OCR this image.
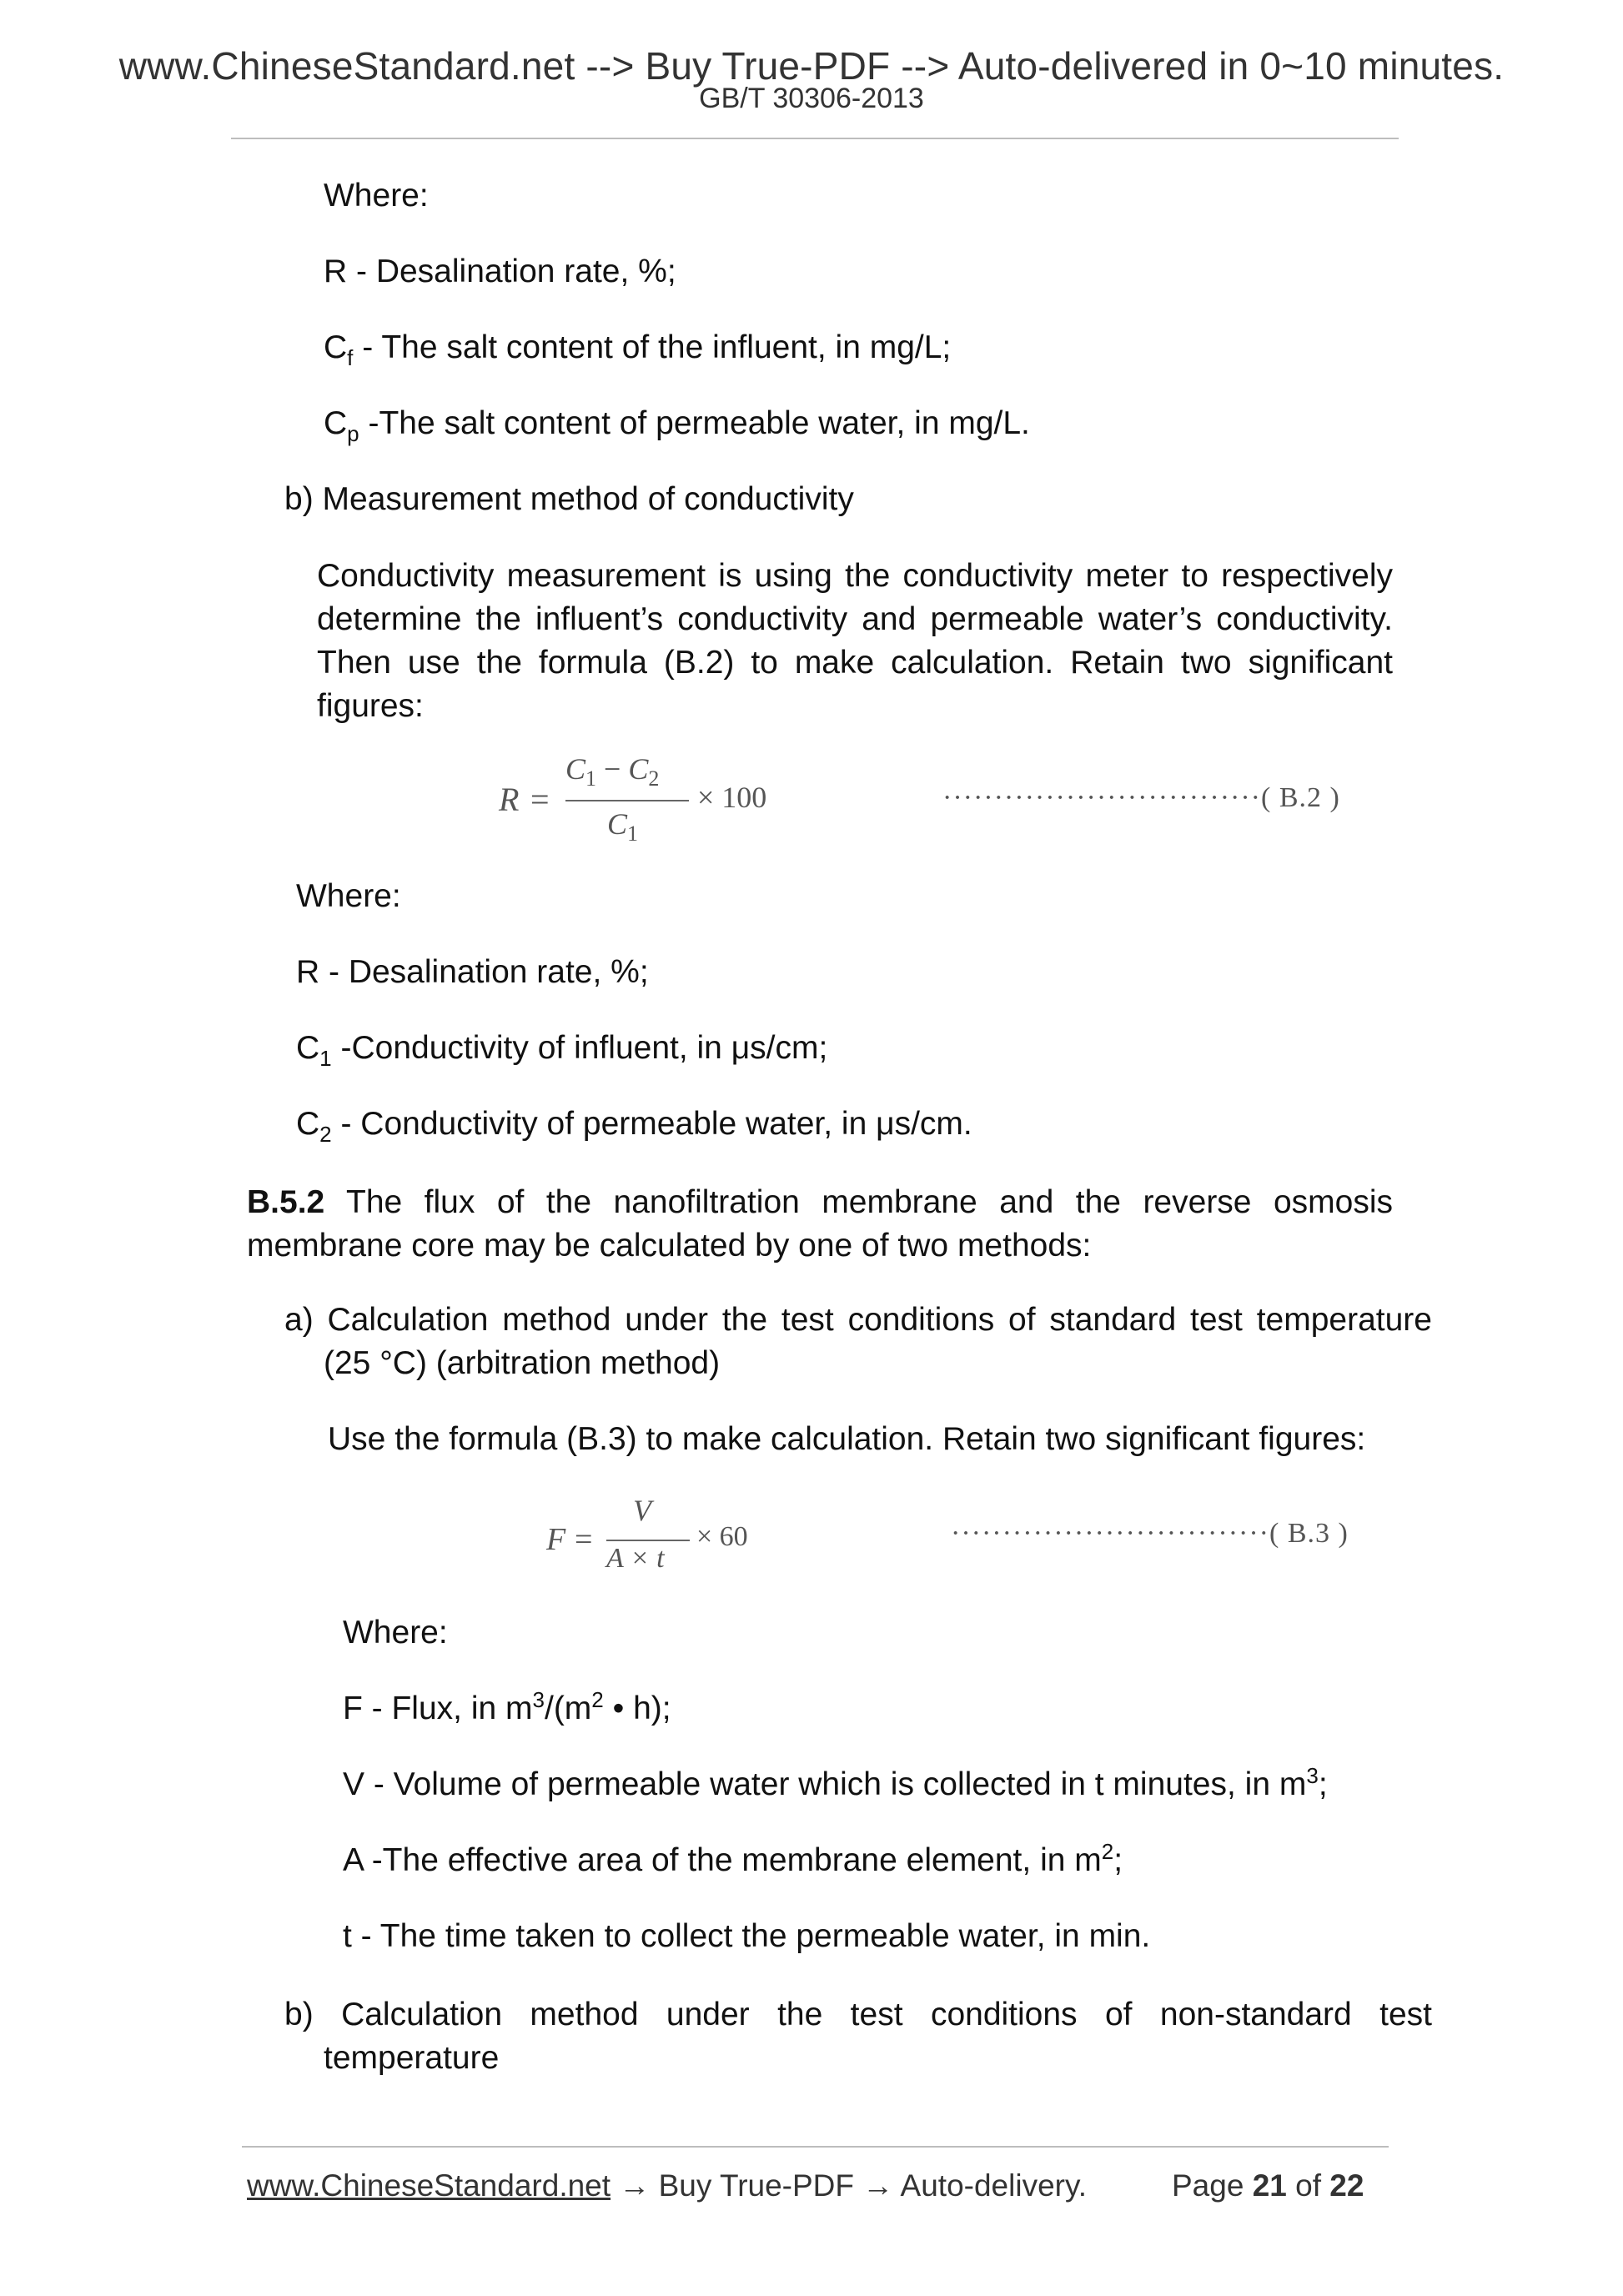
www.ChineseStandard.net --> Buy True-PDF --> Auto-delivered in 0~10 minutes.
GB/T 30306-2013
Where:
R - Desalination rate, %;
$C_f$ - The salt content of the influent, in mg/L;
$C_p$ -The salt content of permeable water, in mg/L.
b) Measurement method of conductivity
Conductivity measurement is using the conductivity meter to respectively determine the influent’s conductivity and permeable water’s conductivity. Then use the formula (B.2) to make calculation. Retain two significant figures:
R =
$C_1 - C_2$
$C_1$
× 100	·······························( B.2 )
Where:
R - Desalination rate, %;
$C_1$ -Conductivity of influent, in μs/cm;
$C_2$ - Conductivity of permeable water, in μs/cm.
B.5.2 The flux of the nanofiltration membrane and the reverse osmosis membrane core may be calculated by one of two methods:
a) Calculation method under the test conditions of standard test temperature (25 °C) (arbitration method)
Use the formula (B.3) to make calculation. Retain two significant figures:
F =
V
A × t
× 60	·······························( B.3 )
Where:
F - Flux, in $m^3/(m^2$ • h);
V - Volume of permeable water which is collected in t minutes, in $m^3$;
A -The effective area of the membrane element, in $m^2$;
t - The time taken to collect the permeable water, in min.
b) Calculation method under the test conditions of non-standard test temperature
www.ChineseStandard.net → Buy True-PDF → Auto-delivery.	Page 21 of 22
